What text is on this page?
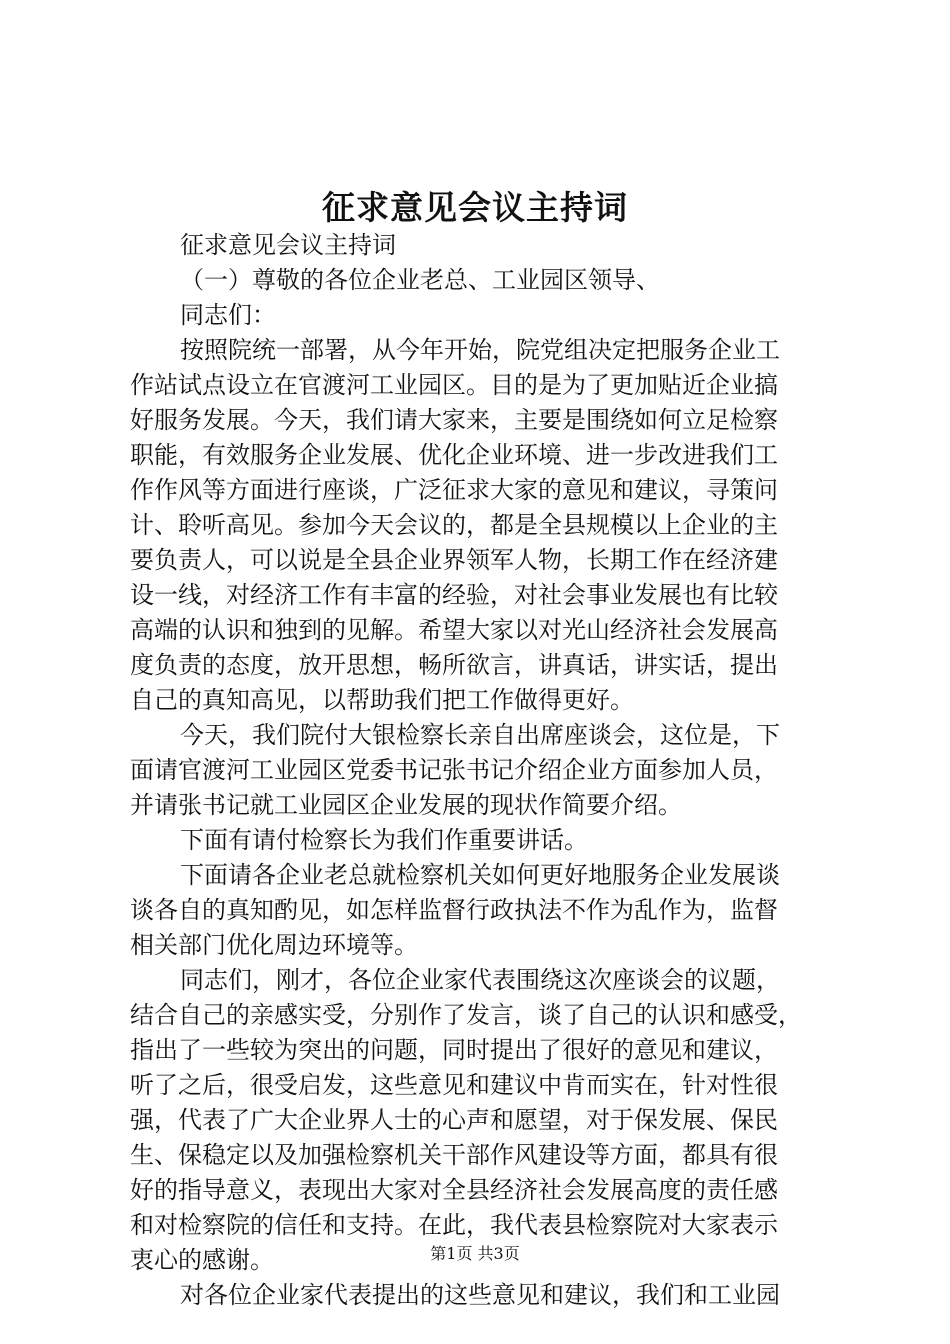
征求意见会议主持词
征求意见会议主持词
（一）尊敬的各位企业老总、工业园区领导、
同志们：
按照院统一部署，从今年开始，院党组决定把服务企业工
作站试点设立在官渡河工业园区。目的是为了更加贴近企业搞
好服务发展。今天，我们请大家来，主要是围绕如何立足检察
职能，有效服务企业发展、优化企业环境、进一步改进我们工
作作风等方面进行座谈，广泛征求大家的意见和建议，寻策问
计、聆听高见。参加今天会议的，都是全县规模以上企业的主
要负责人，可以说是全县企业界领军人物，长期工作在经济建
设一线，对经济工作有丰富的经验，对社会事业发展也有比较
高端的认识和独到的见解。希望大家以对光山经济社会发展高
度负责的态度，放开思想，畅所欲言，讲真话，讲实话，提出
自己的真知高见，以帮助我们把工作做得更好。
今天，我们院付大银检察长亲自出席座谈会，这位是，下
面请官渡河工业园区党委书记张书记介绍企业方面参加人员，
并请张书记就工业园区企业发展的现状作简要介绍。
下面有请付检察长为我们作重要讲话。
下面请各企业老总就检察机关如何更好地服务企业发展谈
谈各自的真知酌见，如怎样监督行政执法不作为乱作为，监督
相关部门优化周边环境等。
同志们，刚才，各位企业家代表围绕这次座谈会的议题，
结合自己的亲感实受，分别作了发言，谈了自己的认识和感受，
指出了一些较为突出的问题，同时提出了很好的意见和建议，
听了之后，很受启发，这些意见和建议中肯而实在，针对性很
强，代表了广大企业界人士的心声和愿望，对于保发展、保民
生、保稳定以及加强检察机关干部作风建设等方面，都具有很
好的指导意义，表现出大家对全县经济社会发展高度的责任感
和对检察院的信任和支持。在此，我代表县检察院对大家表示
衷心的感谢。
对各位企业家代表提出的这些意见和建议，我们和工业园
第1页 共3页
